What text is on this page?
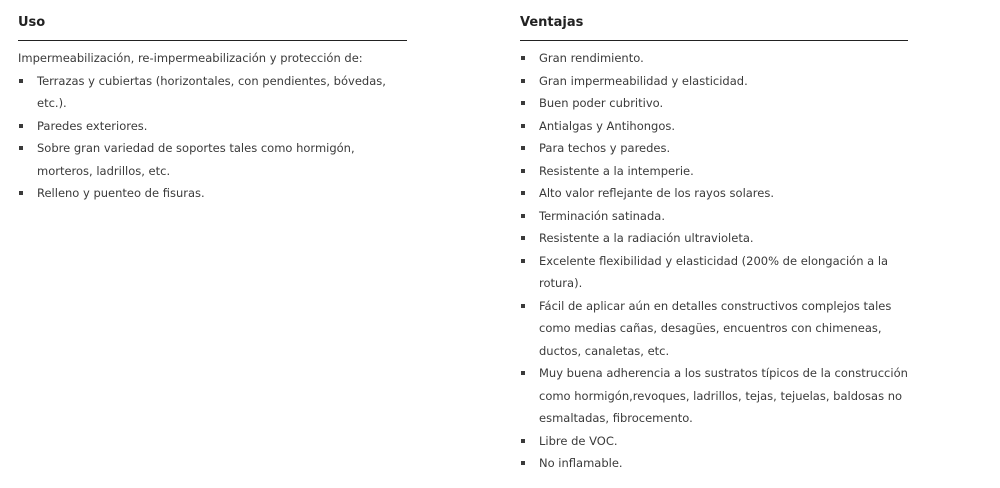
Uso

Impermeabilización, re-impermeabilización y protección de:

Terrazas y cubiertas (horizontales, con pendientes, bóvedas, etc.).
Paredes exteriores.
Sobre gran variedad de soportes tales como hormigón, morteros, ladrillos, etc.
Relleno y puenteo de fisuras.
Ventajas
Gran rendimiento.
Gran impermeabilidad y elasticidad.
Buen poder cubritivo.
Antialgas y Antihongos.
Para techos y paredes.
Resistente a la intemperie.
Alto valor reflejante de los rayos solares.
Terminación satinada.
Resistente a la radiación ultravioleta.
Excelente flexibilidad y elasticidad (200% de elongación a la rotura).
Fácil de aplicar aún en detalles constructivos complejos tales como medias cañas, desagües, encuentros con chimeneas, ductos, canaletas, etc.
Muy buena adherencia a los sustratos típicos de la construcción como hormigón,revoques, ladrillos, tejas, tejuelas, baldosas no esmaltadas, fibrocemento.
Libre de VOC.
No inflamable.
